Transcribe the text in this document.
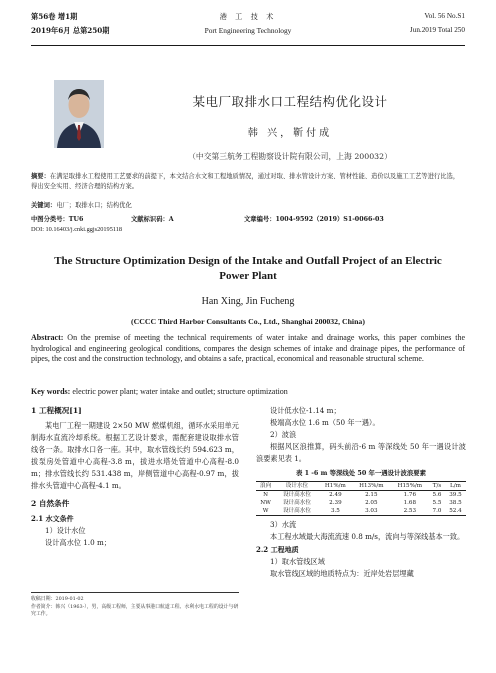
第56卷 增1期
2019年6月 总第250期
港 工 技 术
Port Engineering Technology
Vol. 56 No.S1
Jun.2019 Total 250
某电厂取排水口工程结构优化设计
韩 兴，靳付成
（中交第三航务工程勘察设计院有限公司，上海 200032）
摘要：在满足取排水工程使用工艺要求的前提下，本文结合水文和工程地质情况，通过对取、排水管设计方案、管材性能、造价以及施工工艺等进行比选，得出安全实用、经济合理的结构方案。
关键词：电厂；取排水口；结构优化
中图分类号：TU6	文献标识码：A	文章编号：1004-9592（2019）S1-0066-03
DOI: 10.16403/j.cnki.ggjs20195118
The Structure Optimization Design of the Intake and Outfall Project of an Electric Power Plant
Han Xing, Jin Fucheng
(CCCC Third Harbor Consultants Co., Ltd., Shanghai 200032, China)
Abstract: On the premise of meeting the technical requirements of water intake and drainage works, this paper combines the hydrological and engineering geological conditions, compares the design schemes of intake and drainage pipes, the performance of pipes, the cost and the construction technology, and obtains a safe, practical, economical and reasonable structural scheme.
Key words: electric power plant; water intake and outlet; structure optimization
1 工程概况[1]
某电厂工程一期建设 2×50 MW 燃煤机组，循环水采用单元制海水直流冷却系统。根据工艺设计要求，需配套建设取排水管线各一条。取排水口各一座。其中，取水管线长约 594.623 m，拔泵房处管道中心高程-3.8 m，拔进水塔处管道中心高程-8.0 m；排水管线长约 531.438 m，岸侧管道中心高程-0.97 m，拔排水头管道中心高程-4.1 m。
2 自然条件
2.1 水文条件
1）设计水位
设计高水位 1.0 m；
设计低水位-1.14 m；
极端高水位 1.6 m（50 年一遇）。
2）波浪
根据风区浪推算，码头前沿-6 m 等深线处 50 年一遇设计波浪要素见表 1。
表 1 -6 m 等深线处 50 年一遇设计波浪要素
浪向	设计水位	H1%/m	H13%/m	H15%/m	T/s	L/m
N	设计高水位	2.49	2.15	1.76	5.6	39.5
NW	设计高水位	2.39	2.05	1.68	5.5	38.5
W	设计高水位	3.5	3.03	2.53	7.0	52.4
3）水流
本工程水域最大海流流速 0.8 m/s，流向与等深线基本一致。
2.2 工程地质
1）取水管线区域
取水管线区域的地质特点为：近岸处岩层埋藏
收稿日期：2019-01-02
作者简介：韩兴（1963-），男，高级工程师，主要从事港口航道工程、水利水电工程的设计与研究工作。
